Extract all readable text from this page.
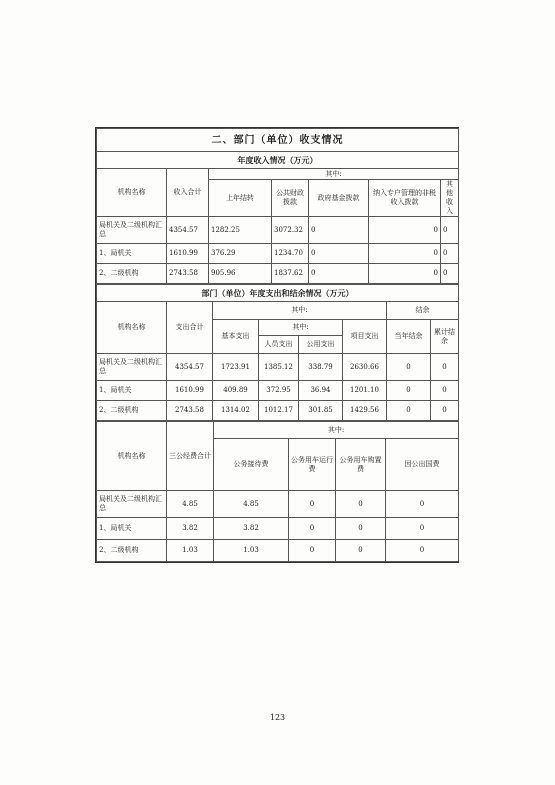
二、部门（单位）收支情况						
年度收入情况（万元）						
机构名称	收入合计	其中:				
		上年结转	公共财政拨款	政府基金拨款	纳入专户管理的非税收入拨款	其他收入
局机关及二级机构汇总	4354.57	1282.25	3072.32	0	0	0
1、局机关	1610.99	376.29	1234.70	0	0	0
2、二级机构	2743.58	905.96	1837.62	0	0	0
部门（单位）年度支出和结余情况（万元）							
机构名称	支出合计	其中:				结余	
		基本支出	其中:		项目支出	当年结余	累计结余
			人员支出	公用支出			
局机关及二级机构汇总	4354.57	1723.91	1385.12	338.79	2630.66	0	0
1、局机关	1610.99	409.89	372.95	36.94	1201.10	0	0
2、二级机构	2743.58	1314.02	1012.17	301.85	1429.56	0	0
机构名称	三公经费合计	其中:			
		公务接待费	公务用车运行费	公务用车购置费	因公出国费
局机关及二级机构汇总	4.85	4.85	0	0	0
1、局机关	3.82	3.82	0	0	0
2、二级机构	1.03	1.03	0	0	0
123
